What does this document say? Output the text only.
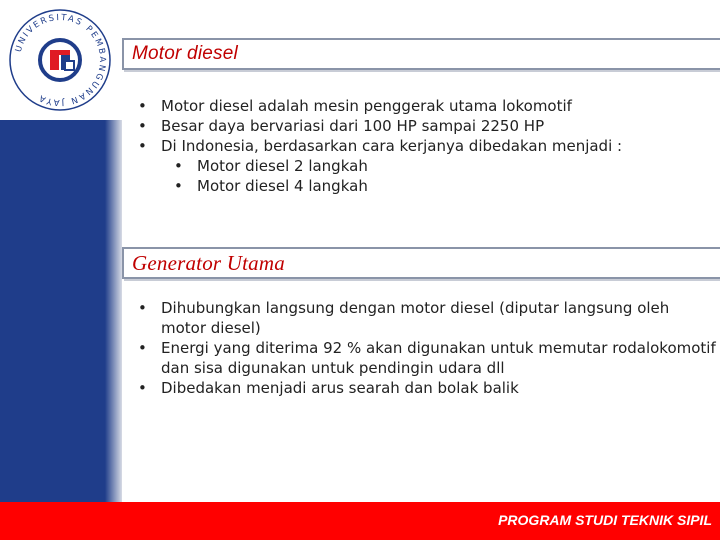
UNIVERSITAS PEMBANGUNAN JAYA
Motor diesel
• Motor diesel adalah mesin penggerak utama lokomotif
• Besar daya bervariasi dari 100 HP sampai 2250 HP
• Di Indonesia, berdasarkan cara kerjanya dibedakan menjadi :
• Motor diesel 2 langkah
• Motor diesel 4 langkah
Generator Utama
• Dihubungkan langsung dengan motor diesel (diputar langsung oleh
motor diesel)
• Energi yang diterima 92 % akan digunakan untuk memutar rodalokomotif
dan sisa digunakan untuk pendingin udara dll
• Dibedakan menjadi arus searah dan bolak balik
PROGRAM STUDI TEKNIK SIPIL
